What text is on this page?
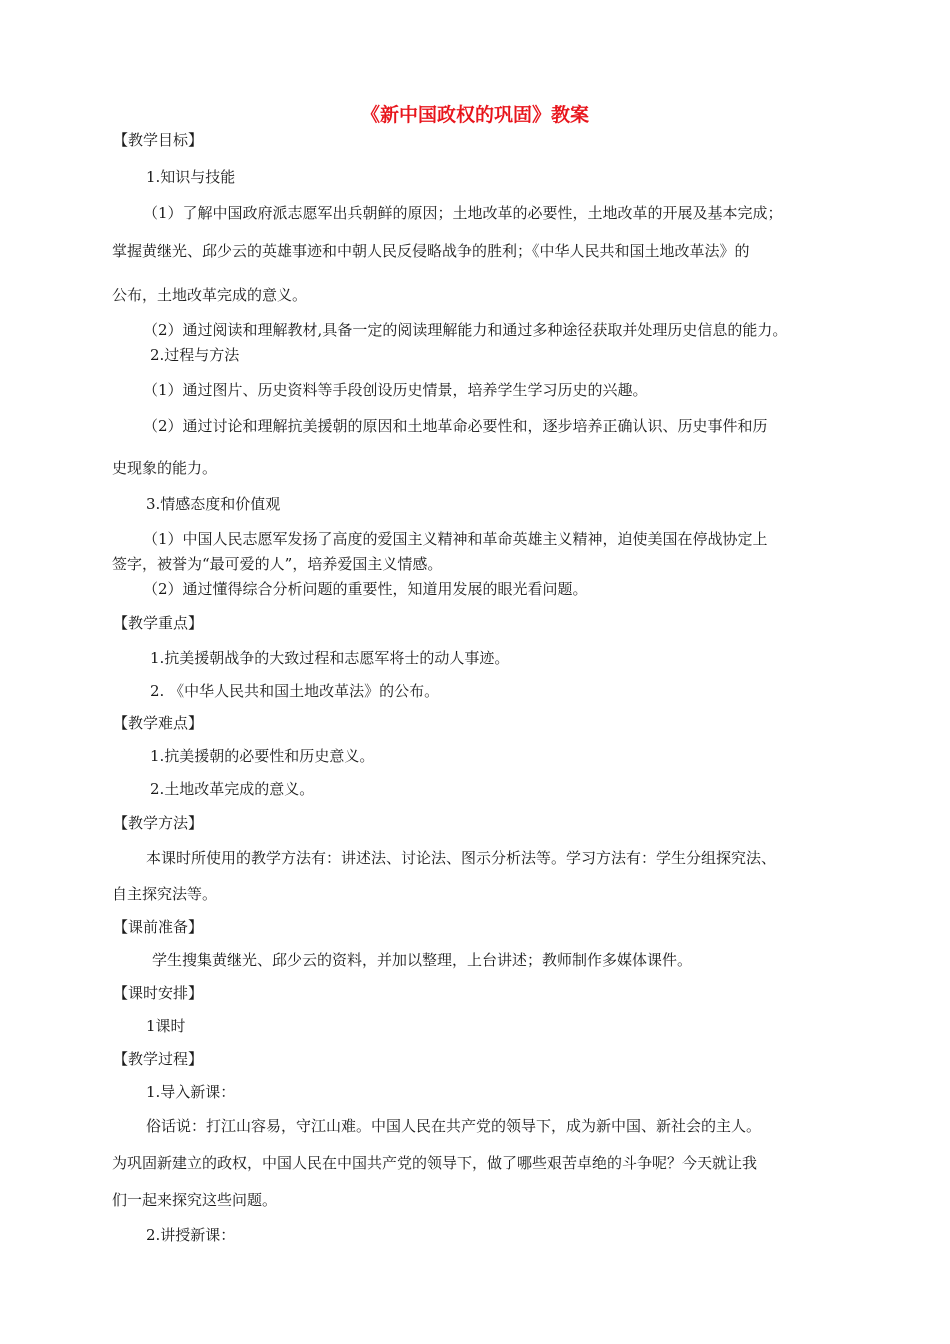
《新中国政权的巩固》教案
【教学目标】
1.知识与技能
（1）了解中国政府派志愿军出兵朝鲜的原因；土地改革的必要性，土地改革的开展及基本完成；
掌握黄继光、邱少云的英雄事迹和中朝人民反侵略战争的胜利；《中华人民共和国土地改革法》的
公布，土地改革完成的意义。
（2）通过阅读和理解教材,具备一定的阅读理解能力和通过多种途径获取并处理历史信息的能力。
2.过程与方法
（1）通过图片、历史资料等手段创设历史情景，培养学生学习历史的兴趣。
（2）通过讨论和理解抗美援朝的原因和土地革命必要性和，逐步培养正确认识、历史事件和历
史现象的能力。
3.情感态度和价值观
（1）中国人民志愿军发扬了高度的爱国主义精神和革命英雄主义精神，迫使美国在停战协定上
签字，被誉为“最可爱的人”，培养爱国主义情感。
（2）通过懂得综合分析问题的重要性，知道用发展的眼光看问题。
【教学重点】
1.抗美援朝战争的大致过程和志愿军将士的动人事迹。
2. 《中华人民共和国土地改革法》的公布。
【教学难点】
1.抗美援朝的必要性和历史意义。
2.土地改革完成的意义。
【教学方法】
本课时所使用的教学方法有：讲述法、讨论法、图示分析法等。学习方法有：学生分组探究法、
自主探究法等。
【课前准备】
学生搜集黄继光、邱少云的资料，并加以整理，上台讲述；教师制作多媒体课件。
【课时安排】
1课时
【教学过程】
1.导入新课：
俗话说：打江山容易，守江山难。中国人民在共产党的领导下，成为新中国、新社会的主人。
为巩固新建立的政权，中国人民在中国共产党的领导下，做了哪些艰苦卓绝的斗争呢？今天就让我
们一起来探究这些问题。
2.讲授新课：
